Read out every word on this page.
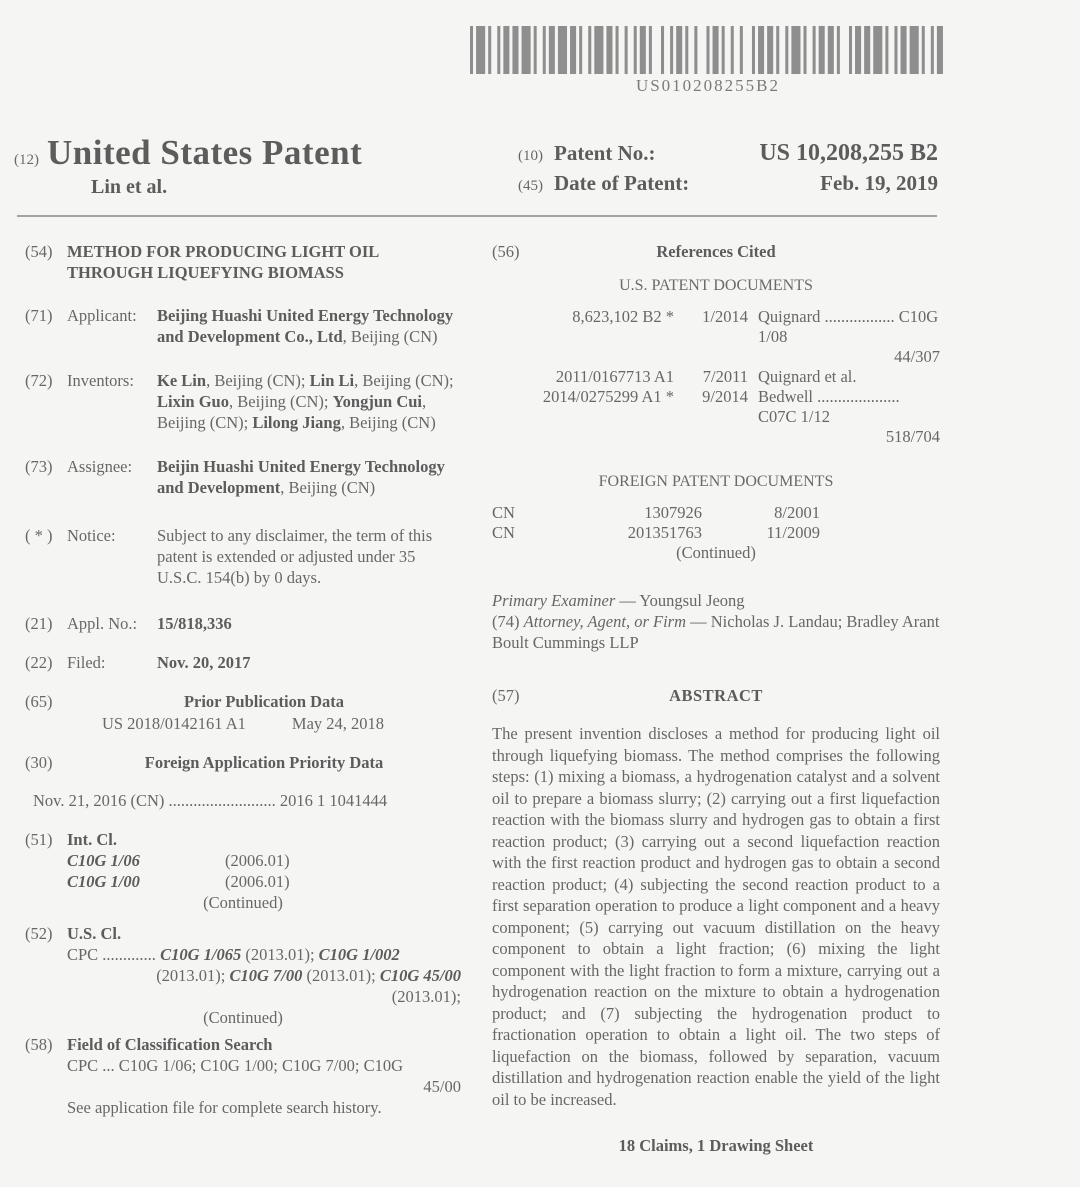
US010208255B2
(12) United States Patent
Lin et al.
(10) Patent No.:	US 10,208,255 B2
(45) Date of Patent:	Feb. 19, 2019
(54) METHOD FOR PRODUCING LIGHT OIL THROUGH LIQUEFYING BIOMASS
(71) Applicant:	Beijing Huashi United Energy Technology and Development Co., Ltd, Beijing (CN)
(72) Inventors:	Ke Lin, Beijing (CN); Lin Li, Beijing (CN); Lixin Guo, Beijing (CN); Yongjun Cui, Beijing (CN); Lilong Jiang, Beijing (CN)
(73) Assignee:	Beijin Huashi United Energy Technology and Development, Beijing (CN)
( * ) Notice:	Subject to any disclaimer, the term of this patent is extended or adjusted under 35 U.S.C. 154(b) by 0 days.
(21) Appl. No.:	15/818,336
(22) Filed:	Nov. 20, 2017
(65)	Prior Publication Data
US 2018/0142161 A1	May 24, 2018
(30)	Foreign Application Priority Data
Nov. 21, 2016 (CN) .......................... 2016 1 1041444
(51) Int. Cl.
C10G 1/06	(2006.01)
C10G 1/00	(2006.01)
(Continued)
(52) U.S. Cl.
CPC ............. C10G 1/065 (2013.01); C10G 1/002
(2013.01); C10G 7/00 (2013.01); C10G 45/00
(2013.01);
(Continued)
(58) Field of Classification Search
CPC ... C10G 1/06; C10G 1/00; C10G 7/00; C10G
45/00
See application file for complete search history.
(56)	References Cited
U.S. PATENT DOCUMENTS
8,623,102 B2 *	1/2014 Quignard ................. C10G 1/08
44/307
2011/0167713 A1	7/2011 Quignard et al.
2014/0275299 A1 *	9/2014 Bedwell .................... C07C 1/12
518/704
FOREIGN PATENT DOCUMENTS
CN	1307926	8/2001
CN	201351763	11/2009
(Continued)
Primary Examiner — Youngsul Jeong
(74) Attorney, Agent, or Firm — Nicholas J. Landau; Bradley Arant Boult Cummings LLP
(57)	ABSTRACT
The present invention discloses a method for producing light oil through liquefying biomass. The method comprises the following steps: (1) mixing a biomass, a hydrogenation catalyst and a solvent oil to prepare a biomass slurry; (2) carrying out a first liquefaction reaction with the biomass slurry and hydrogen gas to obtain a first reaction product; (3) carrying out a second liquefaction reaction with the first reaction product and hydrogen gas to obtain a second reaction product; (4) subjecting the second reaction product to a first separation operation to produce a light component and a heavy component; (5) carrying out vacuum distillation on the heavy component to obtain a light fraction; (6) mixing the light component with the light fraction to form a mixture, carrying out a hydrogenation reaction on the mixture to obtain a hydrogenation product; and (7) subjecting the hydrogenation product to fractionation operation to obtain a light oil. The two steps of liquefaction on the biomass, followed by separation, vacuum distillation and hydrogenation reaction enable the yield of the light oil to be increased.
18 Claims, 1 Drawing Sheet
